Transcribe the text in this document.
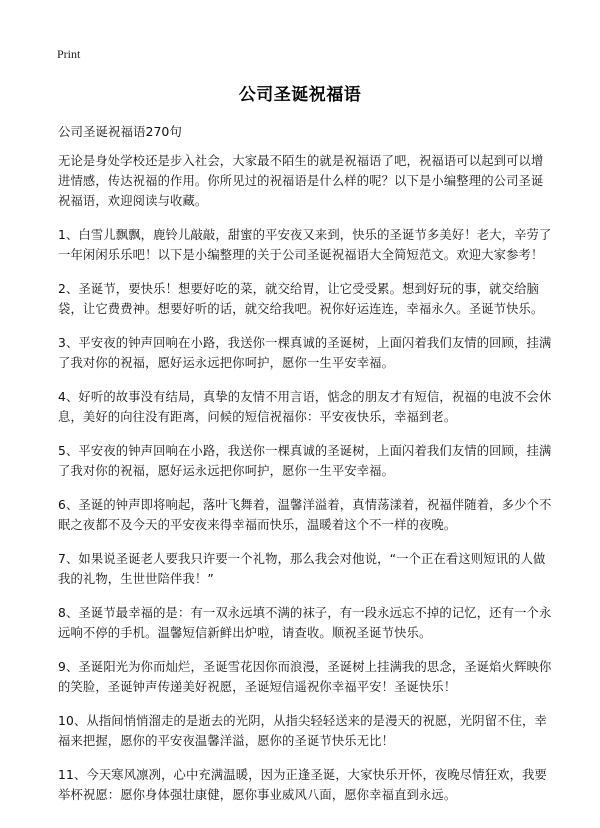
Print
公司圣诞祝福语
公司圣诞祝福语270句

无论是身处学校还是步入社会，大家最不陌生的就是祝福语了吧，祝福语可以起到可以增进情感，传达祝福的作用。你所见过的祝福语是什么样的呢？以下是小编整理的公司圣诞祝福语，欢迎阅读与收藏。

1、白雪儿飘飘，鹿铃儿敲敲，甜蜜的平安夜又来到，快乐的圣诞节多美好！老大，辛劳了一年闲闲乐乐吧！以下是小编整理的关于公司圣诞祝福语大全简短范文。欢迎大家参考！

2、圣诞节，要快乐！想要好吃的菜，就交给胃，让它受受累。想到好玩的事，就交给脑袋，让它费费神。想要好听的话，就交给我吧。祝你好运连连，幸福永久。圣诞节快乐。

3、平安夜的钟声回响在小路，我送你一棵真诚的圣诞树，上面闪着我们友情的回顾，挂满了我对你的祝福，愿好运永远把你呵护，愿你一生平安幸福。

4、好听的故事没有结局，真挚的友情不用言语，惦念的朋友才有短信，祝福的电波不会休息，美好的向往没有距离，问候的短信祝福你：平安夜快乐，幸福到老。

5、平安夜的钟声回响在小路，我送你一棵真诚的圣诞树，上面闪着我们友情的回顾，挂满了我对你的祝福，愿好运永远把你呵护，愿你一生平安幸福。

6、圣诞的钟声即将响起，落叶飞舞着，温馨洋溢着，真情荡漾着，祝福伴随着，多少个不眠之夜都不及今天的平安夜来得幸福而快乐，温暖着这个不一样的夜晚。

7、如果说圣诞老人要我只许要一个礼物，那么我会对他说，“一个正在看这则短讯的人做我的礼物，生世世陪伴我！”

8、圣诞节最幸福的是：有一双永远填不满的袜子，有一段永远忘不掉的记忆，还有一个永远响不停的手机。温馨短信新鲜出炉啦，请查收。顺祝圣诞节快乐。

9、圣诞阳光为你而灿烂，圣诞雪花因你而浪漫，圣诞树上挂满我的思念，圣诞焰火辉映你的笑脸，圣诞钟声传递美好祝愿，圣诞短信遥祝你幸福平安！圣诞快乐！

10、从指间悄悄溜走的是逝去的光阴，从指尖轻轻送来的是漫天的祝愿，光阴留不住，幸福来把握，愿你的平安夜温馨洋溢，愿你的圣诞节快乐无比！

11、今天寒风凛冽，心中充满温暖，因为正逢圣诞，大家快乐开怀，夜晚尽情狂欢，我要举杯祝愿：愿你身体强壮康健，愿你事业威风八面，愿你幸福直到永远。
